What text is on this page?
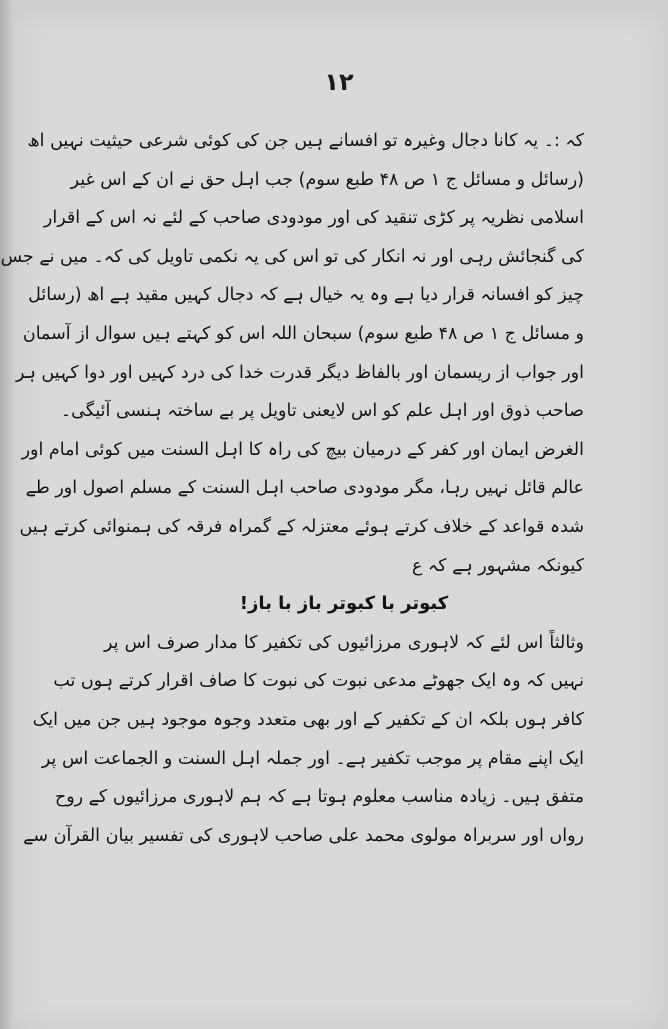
۱۲
کہ :۔ یہ کانا دجال وغیرہ تو افسانے ہیں جن کی کوئی شرعی حیثیت نہیں اھ
(رسائل و مسائل ج ۱ ص ۴۸ طبع سوم) جب اہل حق نے ان کے اس غیر
اسلامی نظریہ پر کڑی تنقید کی اور مودودی صاحب کے لئے نہ اس کے اقرار
کی گنجائش رہی اور نہ انکار کی تو اس کی یہ نکمی تاویل کی کہ۔ میں نے جس
چیز کو افسانہ قرار دیا ہے وہ یہ خیال ہے کہ دجال کہیں مقید ہے اھ (رسائل
و مسائل ج ۱ ص ۴۸ طبع سوم) سبحان اللہ اس کو کہتے ہیں سوال از آسمان
اور جواب از ریسمان اور بالفاظ دیگر قدرت خدا کی درد کہیں اور دوا کہیں ہر
صاحب ذوق اور اہل علم کو اس لایعنی تاویل پر بے ساختہ ہنسی آئیگی۔
الغرض ایمان اور کفر کے درمیان بیچ کی راہ کا اہل السنت میں کوئی امام اور
عالم قائل نہیں رہا، مگر مودودی صاحب اہل السنت کے مسلم اصول اور طے
شدہ قواعد کے خلاف کرتے ہوئے معتزلہ کے گمراہ فرقہ کی ہمنوائی کرتے ہیں
کیونکہ مشہور ہے کہ ع
کبوتر با کبوتر باز با باز!
وثالثاً اس لئے کہ لاہوری مرزائیوں کی تکفیر کا مدار صرف اس پر
نہیں کہ وہ ایک جھوٹے مدعی نبوت کی نبوت کا صاف اقرار کرتے ہوں تب
کافر ہوں بلکہ ان کے تکفیر کے اور بھی متعدد وجوہ موجود ہیں جن میں ایک
ایک اپنے مقام پر موجب تکفیر ہے۔ اور جملہ اہل السنت و الجماعت اس پر
متفق ہیں۔ زیادہ مناسب معلوم ہوتا ہے کہ ہم لاہوری مرزائیوں کے روح
رواں اور سربراہ مولوی محمد علی صاحب لاہوری کی تفسیر بیان القرآن سے
